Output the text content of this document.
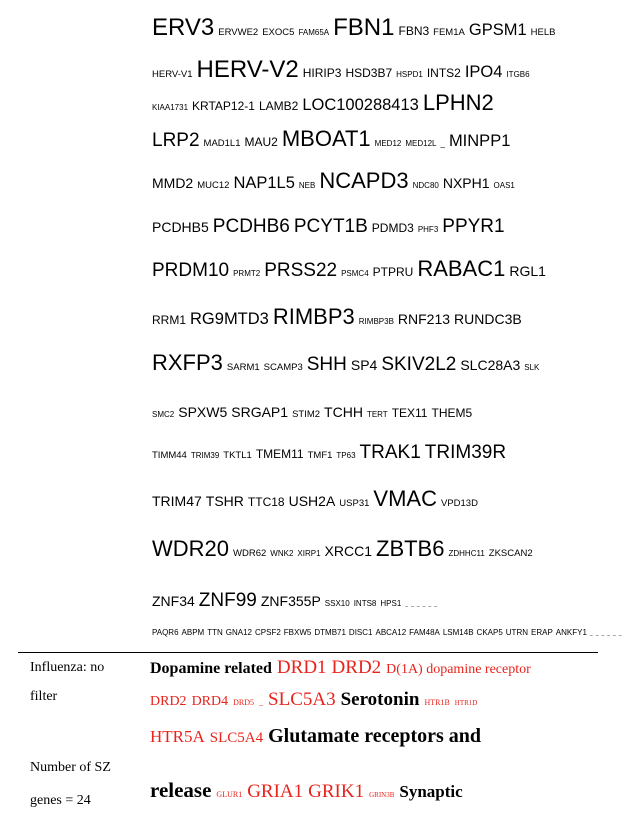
ERV3 ERVWE2 EXOC5 FAM65A FBN1 FBN3 FEM1A GPSM1 HELB
HERV-V1 HERV-V2 HIRIP3 HSD3B7 HSPD1 INTS2 IPO4 ITGB6
KIAA1731 KRTAP12-1 LAMB2 LOC100288413 LPHN2
LRP2 MAD1L1 MAU2 MBOAT1 MED12 MED12L _ MINPP1
MMD2 MUC12 NAP1L5 NEB NCAPD3 NDC80 NXPH1 OAS1
PCDHB5 PCDHB6 PCYT1B PDMD3 PHF3 PPYR1
PRDM10 PRMT2 PRSS22 PSMC4 PTPRU RABAC1 RGL1
RRM1 RG9MTD3 RIMBP3 RIMBP3B RNF213 RUNDC3B
RXFP3 SARM1 SCAMP3 SHH SP4 SKIV2L2 SLC28A3 SLK
SMC2 SPXW5 SRGAP1 STIM2 TCHH TERT TEX11 THEM5
TIMM44 TRIM39 TKTL1 TMEM11 TMF1 TP63 TRAK1 TRIM39R
TRIM47 TSHR TTC18 USH2A USP31 VMAC VPD13D
WDR20 WDR62 WNK2 XIRP1 XRCC1 ZBTB6 ZDHHC11 ZKSCAN2
ZNF34 ZNF99 ZNF355P SSX10 INTS8 HPS1 _ _ _ _ _ _
PAQR6 ABPM TTN GNA12 CPSF2 FBXW5 DTMB71 DISC1 ABCA12 FAM48A LSM14B CKAP5 UTRN ERAP ANKFY1 _ _ _ _ _ _
Influenza: no
filter
Number of SZ
genes = 24
Dopamine related DRD1 DRD2 D(1A) dopamine receptor
DRD2 DRD4 DRD5 _ SLC5A3 Serotonin HTR1B HTR1D
HTR5A SLC5A4 Glutamate receptors and
release GLUR1 GRIA1 GRIK1 GRIN3B Synaptic
